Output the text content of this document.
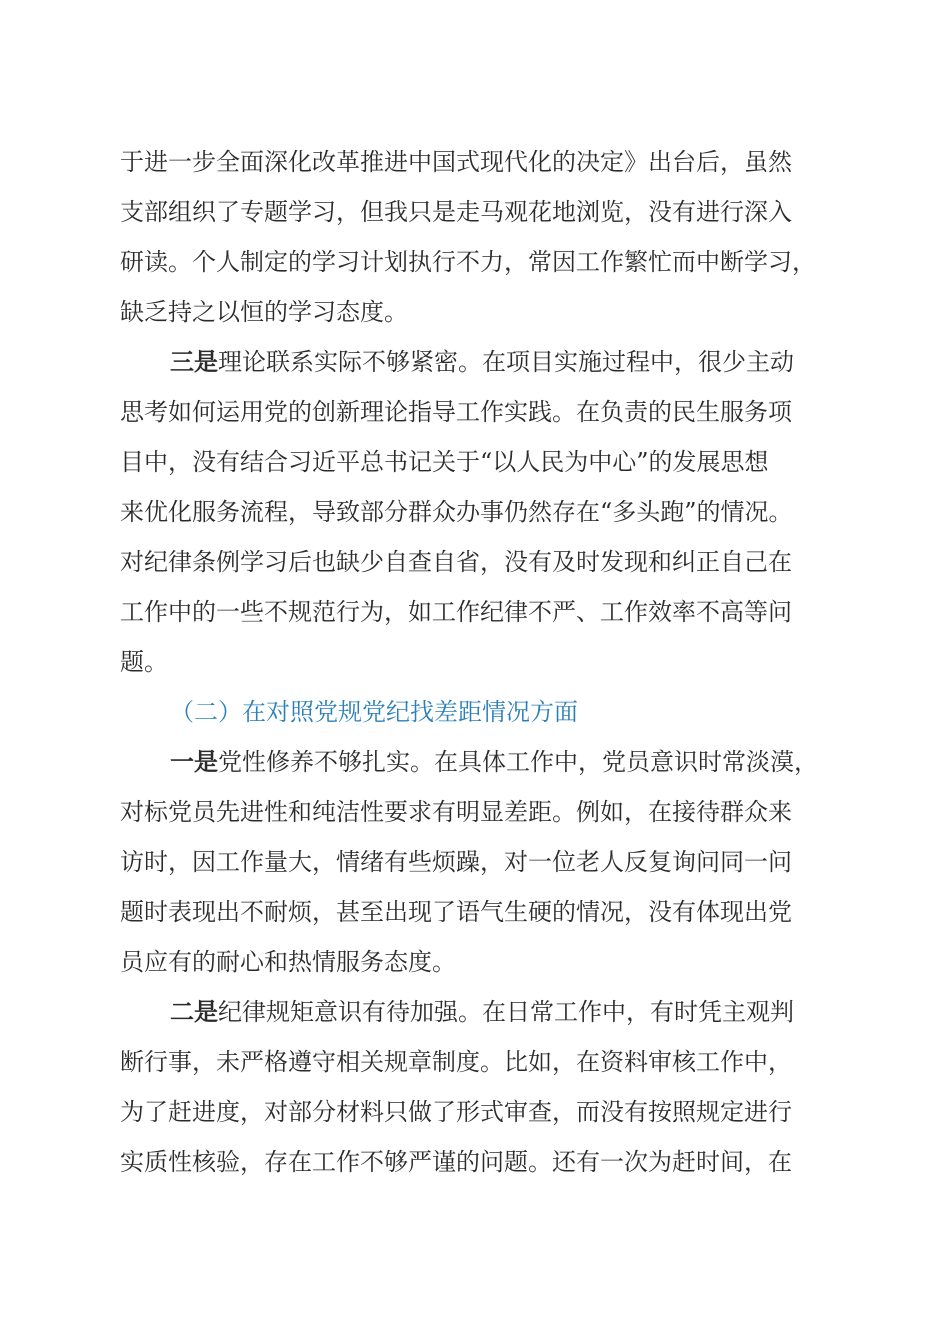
于进一步全面深化改革推进中国式现代化的决定》出台后，虽然
支部组织了专题学习，但我只是走马观花地浏览，没有进行深入
研读。个人制定的学习计划执行不力，常因工作繁忙而中断学习，
缺乏持之以恒的学习态度。
三是理论联系实际不够紧密。在项目实施过程中，很少主动
思考如何运用党的创新理论指导工作实践。在负责的民生服务项
目中，没有结合习近平总书记关于“以人民为中心”的发展思想
来优化服务流程，导致部分群众办事仍然存在“多头跑”的情况。
对纪律条例学习后也缺少自查自省，没有及时发现和纠正自己在
工作中的一些不规范行为，如工作纪律不严、工作效率不高等问
题。
（二）在对照党规党纪找差距情况方面
一是党性修养不够扎实。在具体工作中，党员意识时常淡漠，
对标党员先进性和纯洁性要求有明显差距。例如，在接待群众来
访时，因工作量大，情绪有些烦躁，对一位老人反复询问同一问
题时表现出不耐烦，甚至出现了语气生硬的情况，没有体现出党
员应有的耐心和热情服务态度。
二是纪律规矩意识有待加强。在日常工作中，有时凭主观判
断行事，未严格遵守相关规章制度。比如，在资料审核工作中，
为了赶进度，对部分材料只做了形式审查，而没有按照规定进行
实质性核验，存在工作不够严谨的问题。还有一次为赶时间，在
